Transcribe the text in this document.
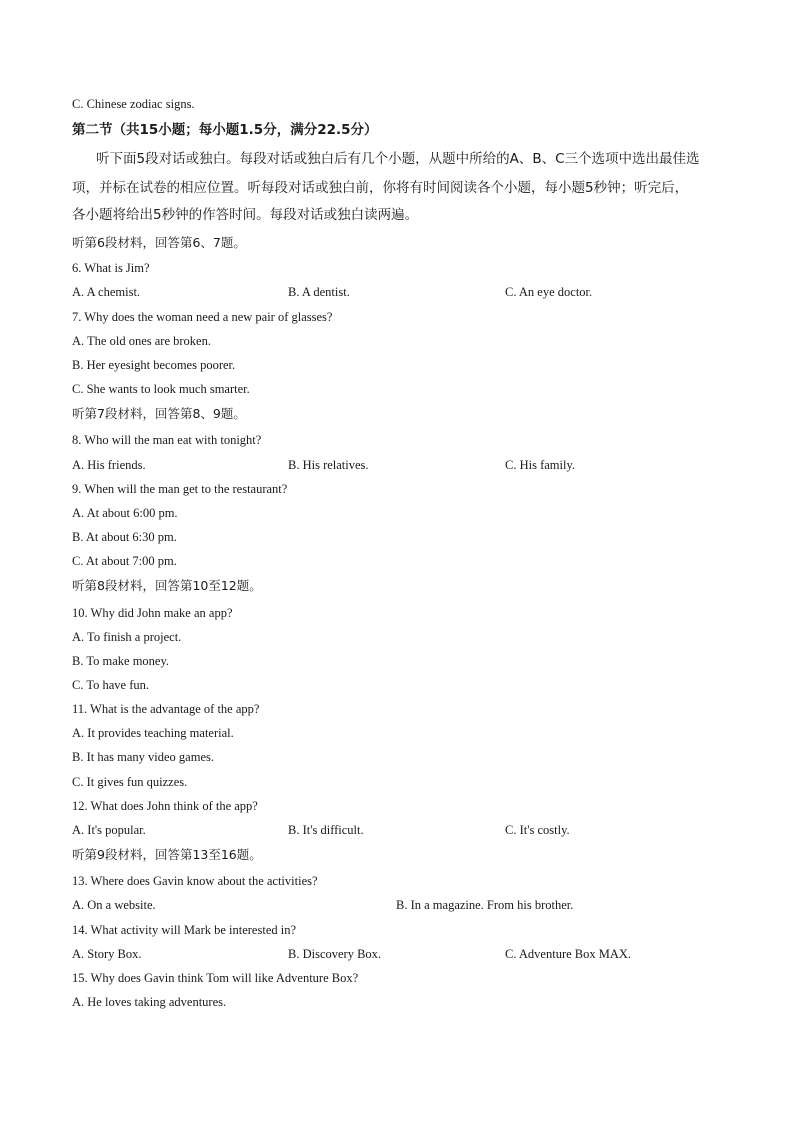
C. Chinese zodiac signs.
第二节（共15小题；每小题1.5分，满分22.5分）
听下面5段对话或独白。每段对话或独白后有几个小题，从题中所给的A、B、C三个选项中选出最佳选
项，并标在试卷的相应位置。听每段对话或独白前，你将有时间阅读各个小题，每小题5秒钟；听完后，
各小题将给出5秒钟的作答时间。每段对话或独白读两遍。
听第6段材料，回答第6、7题。
6. What is Jim?
A. A chemist.	B. A dentist.	C. An eye doctor.
7. Why does the woman need a new pair of glasses?
A. The old ones are broken.
B. Her eyesight becomes poorer.
C. She wants to look much smarter.
听第7段材料，回答第8、9题。
8. Who will the man eat with tonight?
A. His friends.	B. His relatives.	C. His family.
9. When will the man get to the restaurant?
A. At about 6:00 pm.
B. At about 6:30 pm.
C. At about 7:00 pm.
听第8段材料，回答第10至12题。
10. Why did John make an app?
A. To finish a project.
B. To make money.
C. To have fun.
11. What is the advantage of the app?
A. It provides teaching material.
B. It has many video games.
C. It gives fun quizzes.
12. What does John think of the app?
A. It's popular.	B. It's difficult.	C. It's costly.
听第9段材料，回答第13至16题。
13. Where does Gavin know about the activities?
A. On a website.	B. In a magazine. From his brother.
14. What activity will Mark be interested in?
A. Story Box.	B. Discovery Box.	C. Adventure Box MAX.
15. Why does Gavin think Tom will like Adventure Box?
A. He loves taking adventures.
